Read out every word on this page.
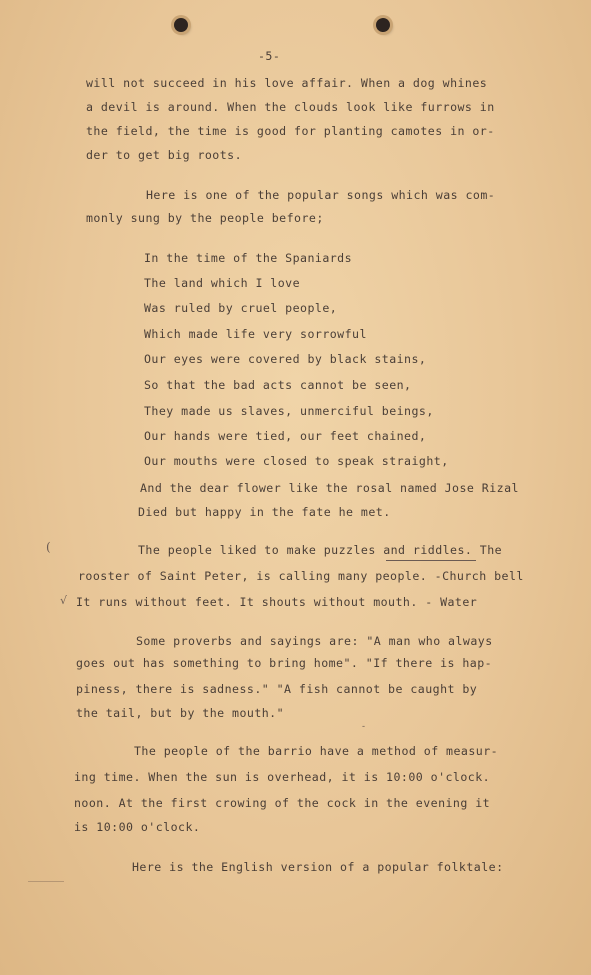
-5-
will not succeed in his love affair. When a dog whines
a devil is around. When the clouds look like furrows in
the field, the time is good for planting camotes in or-
der to get big roots.
Here is one of the popular songs which was com-
monly sung by the people before;
In the time of the Spaniards
The land which I love
Was ruled by cruel people,
Which made life very sorrowful
Our eyes were covered by black stains,
So that the bad acts cannot be seen,
They made us slaves, unmerciful beings,
Our hands were tied, our feet chained,
Our mouths were closed to speak straight,
And the dear flower like the rosal named Jose Rizal
Died but happy in the fate he met.
The people liked to make puzzles and riddles. The
rooster of Saint Peter, is calling many people. -Church bell
It runs without feet. It shouts without mouth. - Water
Some proverbs and sayings are: "A man who always
goes out has something to bring home". "If there is hap-
piness, there is sadness." "A fish cannot be caught by
the tail, but by the mouth."
The people of the barrio have a method of measur-
ing time. When the sun is overhead, it is 10:00 o'clock.
noon. At the first crowing of the cock in the evening it
is 10:00 o'clock.
Here is the English version of a popular folktale:
(
√
-
